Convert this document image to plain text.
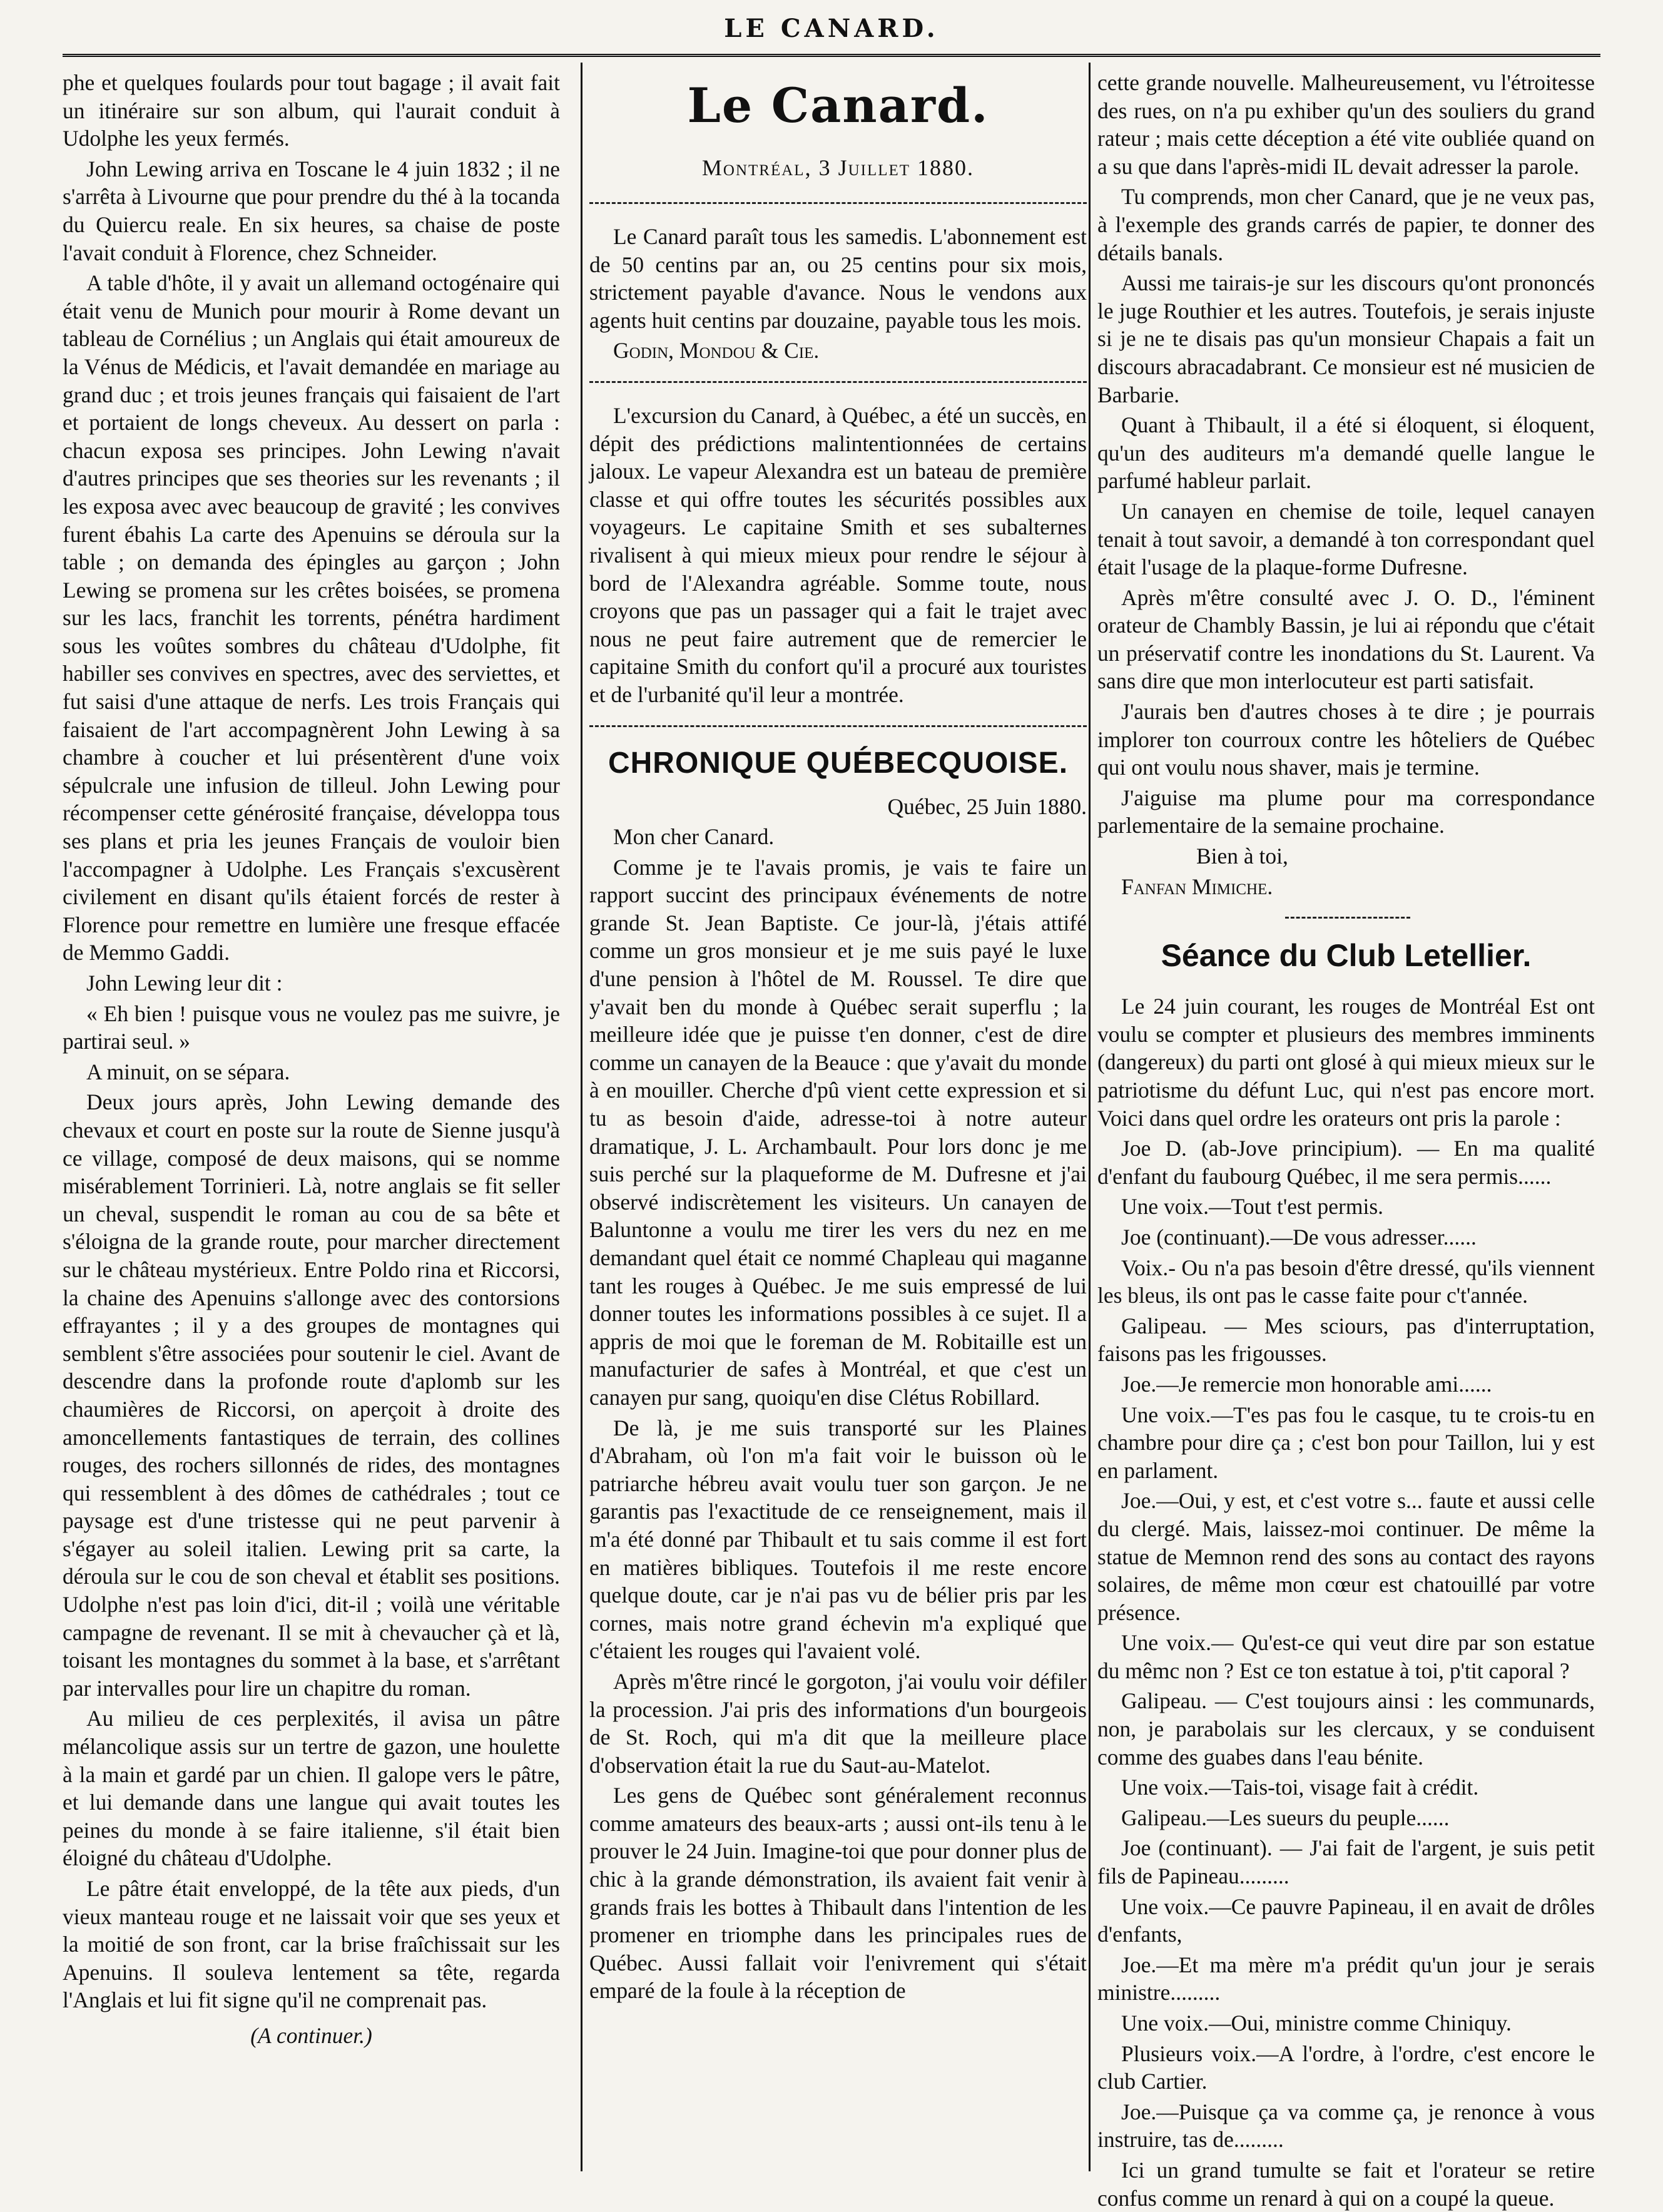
LE CANARD.

phe et quelques foulards pour tout bagage ; il avait fait un itinéraire sur son album, qui l'aurait conduit à Udolphe les yeux fermés.

John Lewing arriva en Toscane le 4 juin 1832 ; il ne s'arrêta à Livourne que pour prendre du thé à la tocanda du Quiercu reale. En six heures, sa chaise de poste l'avait conduit à Florence, chez Schneider.

A table d'hôte, il y avait un allemand octogénaire qui était venu de Munich pour mourir à Rome devant un tableau de Cornélius ; un Anglais qui était amoureux de la Vénus de Médicis, et l'avait demandée en mariage au grand duc ; et trois jeunes français qui faisaient de l'art et portaient de longs cheveux. Au dessert on parla : chacun exposa ses principes. John Lewing n'avait d'autres principes que ses theories sur les revenants ; il les exposa avec avec beaucoup de gravité ; les convives furent ébahis La carte des Apenuins se déroula sur la table ; on demanda des épingles au garçon ; John Lewing se promena sur les crêtes boisées, se promena sur les lacs, franchit les torrents, pénétra hardiment sous les voûtes sombres du château d'Udolphe, fit habiller ses convives en spectres, avec des serviettes, et fut saisi d'une attaque de nerfs. Les trois Français qui faisaient de l'art accompagnèrent John Lewing à sa chambre à coucher et lui présentèrent d'une voix sépulcrale une infusion de tilleul. John Lewing pour récompenser cette générosité française, développa tous ses plans et pria les jeunes Français de vouloir bien l'accompagner à Udolphe. Les Français s'excusèrent civilement en disant qu'ils étaient forcés de rester à Florence pour remettre en lumière une fresque effacée de Memmo Gaddi.

John Lewing leur dit :

« Eh bien ! puisque vous ne voulez pas me suivre, je partirai seul. »

A minuit, on se sépara.

Deux jours après, John Lewing demande des chevaux et court en poste sur la route de Sienne jusqu'à ce village, composé de deux maisons, qui se nomme misérablement Torrinieri. Là, notre anglais se fit seller un cheval, suspendit le roman au cou de sa bête et s'éloigna de la grande route, pour marcher directement sur le château mystérieux. Entre Poldo rina et Riccorsi, la chaine des Apenuins s'allonge avec des contorsions effrayantes ; il y a des groupes de montagnes qui semblent s'être associées pour soutenir le ciel. Avant de descendre dans la profonde route d'aplomb sur les chaumières de Riccorsi, on aperçoit à droite des amoncellements fantastiques de terrain, des collines rouges, des rochers sillonnés de rides, des montagnes qui ressemblent à des dômes de cathédrales ; tout ce paysage est d'une tristesse qui ne peut parvenir à s'égayer au soleil italien. Lewing prit sa carte, la déroula sur le cou de son cheval et établit ses positions. Udolphe n'est pas loin d'ici, dit-il ; voilà une véritable campagne de revenant. Il se mit à chevaucher çà et là, toisant les montagnes du sommet à la base, et s'arrêtant par intervalles pour lire un chapitre du roman.

Au milieu de ces perplexités, il avisa un pâtre mélancolique assis sur un tertre de gazon, une houlette à la main et gardé par un chien. Il galope vers le pâtre, et lui demande dans une langue qui avait toutes les peines du monde à se faire italienne, s'il était bien éloigné du château d'Udolphe.

Le pâtre était enveloppé, de la tête aux pieds, d'un vieux manteau rouge et ne laissait voir que ses yeux et la moitié de son front, car la brise fraîchissait sur les Apenuins. Il souleva lentement sa tête, regarda l'Anglais et lui fit signe qu'il ne comprenait pas.

(A continuer.)

Le Canard.
Montréal, 3 Juillet 1880.

Le Canard paraît tous les samedis. L'abonnement est de 50 centins par an, ou 25 centins pour six mois, strictement payable d'avance. Nous le vendons aux agents huit centins par douzaine, payable tous les mois.

Godin, Mondou & Cie.

L'excursion du Canard, à Québec, a été un succès, en dépit des prédictions malintentionnées de certains jaloux. Le vapeur Alexandra est un bateau de première classe et qui offre toutes les sécurités possibles aux voyageurs. Le capitaine Smith et ses subalternes rivalisent à qui mieux mieux pour rendre le séjour à bord de l'Alexandra agréable. Somme toute, nous croyons que pas un passager qui a fait le trajet avec nous ne peut faire autrement que de remercier le capitaine Smith du confort qu'il a procuré aux touristes et de l'urbanité qu'il leur a montrée.

CHRONIQUE QUÉBECQUOISE.

Québec, 25 Juin 1880.

Mon cher Canard.

Comme je te l'avais promis, je vais te faire un rapport succint des principaux événements de notre grande St. Jean Baptiste. Ce jour-là, j'étais attifé comme un gros monsieur et je me suis payé le luxe d'une pension à l'hôtel de M. Roussel. Te dire que y'avait ben du monde à Québec serait superflu ; la meilleure idée que je puisse t'en donner, c'est de dire comme un canayen de la Beauce : que y'avait du monde à en mouiller. Cherche d'pû vient cette expression et si tu as besoin d'aide, adresse-toi à notre auteur dramatique, J. L. Archambault. Pour lors donc je me suis perché sur la plaqueforme de M. Dufresne et j'ai observé indiscrètement les visiteurs. Un canayen de Baluntonne a voulu me tirer les vers du nez en me demandant quel était ce nommé Chapleau qui maganne tant les rouges à Québec. Je me suis empressé de lui donner toutes les informations possibles à ce sujet. Il a appris de moi que le foreman de M. Robitaille est un manufacturier de safes à Montréal, et que c'est un canayen pur sang, quoiqu'en dise Clétus Robillard.

De là, je me suis transporté sur les Plaines d'Abraham, où l'on m'a fait voir le buisson où le patriarche hébreu avait voulu tuer son garçon. Je ne garantis pas l'exactitude de ce renseignement, mais il m'a été donné par Thibault et tu sais comme il est fort en matières bibliques. Toutefois il me reste encore quelque doute, car je n'ai pas vu de bélier pris par les cornes, mais notre grand échevin m'a expliqué que c'étaient les rouges qui l'avaient volé.

Après m'être rincé le gorgoton, j'ai voulu voir défiler la procession. J'ai pris des informations d'un bourgeois de St. Roch, qui m'a dit que la meilleure place d'observation était la rue du Saut-au-Matelot.

Les gens de Québec sont généralement reconnus comme amateurs des beaux-arts ; aussi ont-ils tenu à le prouver le 24 Juin. Imagine-toi que pour donner plus de chic à la grande démonstration, ils avaient fait venir à grands frais les bottes à Thibault dans l'intention de les promener en triomphe dans les principales rues de Québec. Aussi fallait voir l'enivrement qui s'était emparé de la foule à la réception de

cette grande nouvelle. Malheureusement, vu l'étroitesse des rues, on n'a pu exhiber qu'un des souliers du grand rateur ; mais cette déception a été vite oubliée quand on a su que dans l'après-midi IL devait adresser la parole.

Tu comprends, mon cher Canard, que je ne veux pas, à l'exemple des grands carrés de papier, te donner des détails banals.

Aussi me tairais-je sur les discours qu'ont prononcés le juge Routhier et les autres. Toutefois, je serais injuste si je ne te disais pas qu'un monsieur Chapais a fait un discours abracadabrant. Ce monsieur est né musicien de Barbarie.

Quant à Thibault, il a été si éloquent, si éloquent, qu'un des auditeurs m'a demandé quelle langue le parfumé hableur parlait.

Un canayen en chemise de toile, lequel canayen tenait à tout savoir, a demandé à ton correspondant quel était l'usage de la plaque-forme Dufresne.

Après m'être consulté avec J. O. D., l'éminent orateur de Chambly Bassin, je lui ai répondu que c'était un préservatif contre les inondations du St. Laurent. Va sans dire que mon interlocuteur est parti satisfait.

J'aurais ben d'autres choses à te dire ; je pourrais implorer ton courroux contre les hôteliers de Québec qui ont voulu nous shaver, mais je termine.

J'aiguise ma plume pour ma correspondance parlementaire de la semaine prochaine.

Bien à toi,

Fanfan Mimiche.

Séance du Club Letellier.

Le 24 juin courant, les rouges de Montréal Est ont voulu se compter et plusieurs des membres imminents (dangereux) du parti ont glosé à qui mieux mieux sur le patriotisme du défunt Luc, qui n'est pas encore mort. Voici dans quel ordre les orateurs ont pris la parole :

Joe D. (ab-Jove principium). — En ma qualité d'enfant du faubourg Québec, il me sera permis......

Une voix.—Tout t'est permis.

Joe (continuant).—De vous adresser......

Voix.- Ou n'a pas besoin d'être dressé, qu'ils viennent les bleus, ils ont pas le casse faite pour c't'année.

Galipeau. — Mes sciours, pas d'interruptation, faisons pas les frigousses.

Joe.—Je remercie mon honorable ami......

Une voix.—T'es pas fou le casque, tu te crois-tu en chambre pour dire ça ; c'est bon pour Taillon, lui y est en parlament.

Joe.—Oui, y est, et c'est votre s... faute et aussi celle du clergé. Mais, laissez-moi continuer. De même la statue de Memnon rend des sons au contact des rayons solaires, de même mon cœur est chatouillé par votre présence.

Une voix.— Qu'est-ce qui veut dire par son estatue du mêmc non ? Est ce ton estatue à toi, p'tit caporal ?

Galipeau. — C'est toujours ainsi : les communards, non, je parabolais sur les clercaux, y se conduisent comme des guabes dans l'eau bénite.

Une voix.—Tais-toi, visage fait à crédit.

Galipeau.—Les sueurs du peuple......

Joe (continuant). — J'ai fait de l'argent, je suis petit fils de Papineau.........

Une voix.—Ce pauvre Papineau, il en avait de drôles d'enfants,

Joe.—Et ma mère m'a prédit qu'un jour je serais ministre.........

Une voix.—Oui, ministre comme Chiniquy.

Plusieurs voix.—A l'ordre, à l'ordre, c'est encore le club Cartier.

Joe.—Puisque ça va comme ça, je renonce à vous instruire, tas de.........

Ici un grand tumulte se fait et l'orateur se retire confus comme un renard à qui on a coupé la queue.
